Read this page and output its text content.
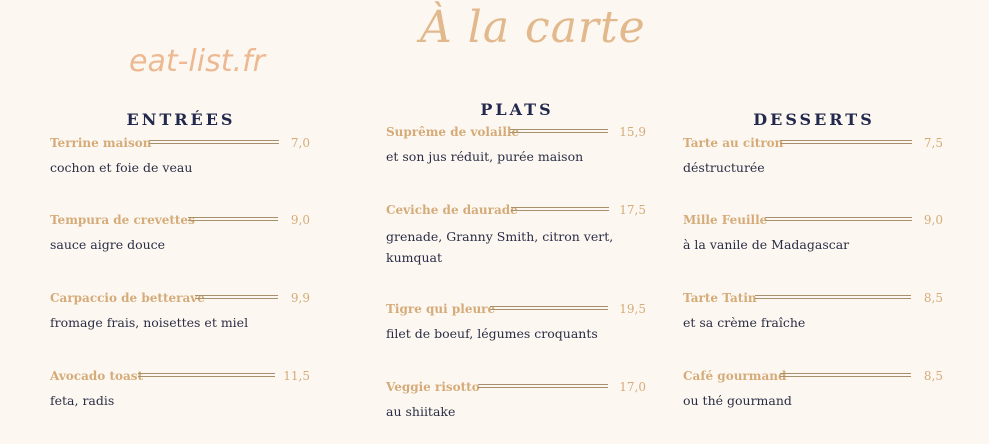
À la carte
eat-list.fr
ENTRÉES
Terrine maison	7,0
cochon et foie de veau
Tempura de crevettes	9,0
sauce aigre douce
Carpaccio de betterave	9,9
fromage frais, noisettes et miel
Avocado toast	11,5
feta, radis
PLATS
Suprême de volaille	15,9
et son jus réduit, purée maison
Ceviche de daurade	17,5
grenade, Granny Smith, citron vert,
kumquat
Tigre qui pleure	19,5
filet de boeuf, légumes croquants
Veggie risotto	17,0
au shiitake
DESSERTS
Tarte au citron	7,5
déstructurée
Mille Feuille	9,0
à la vanile de Madagascar
Tarte Tatin	8,5
et sa crème fraîche
Café gourmand	8,5
ou thé gourmand
